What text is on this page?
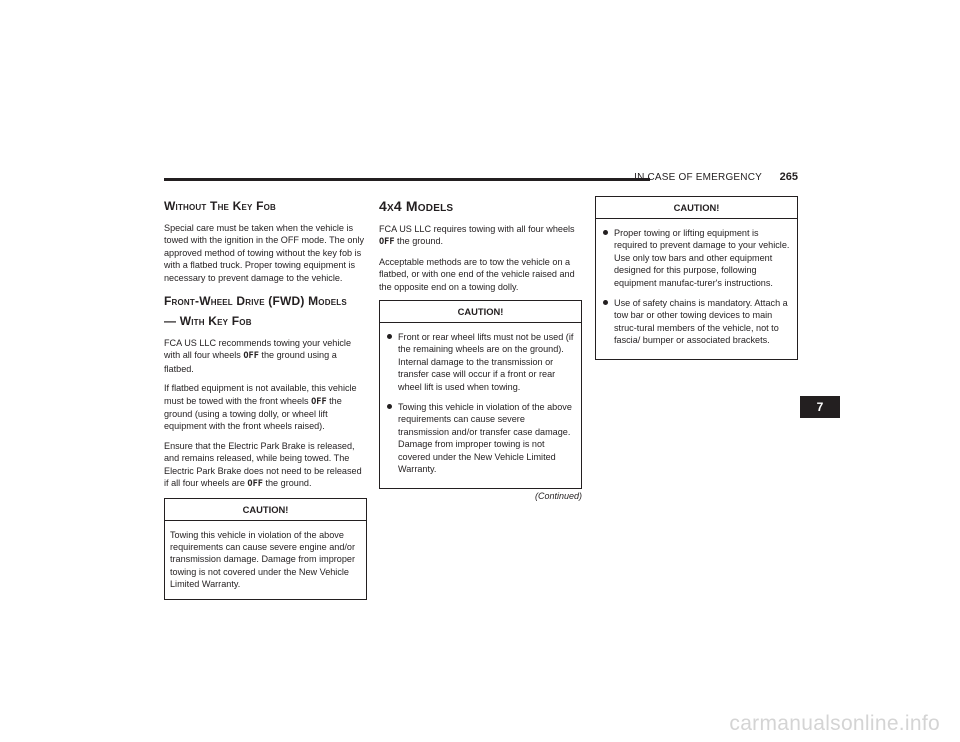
IN CASE OF EMERGENCY 265
Without The Key Fob

Special care must be taken when the vehicle is towed with the ignition in the OFF mode. The only approved method of towing without the key fob is with a flatbed truck. Proper towing equipment is necessary to prevent damage to the vehicle.

Front-Wheel Drive (FWD) Models
— With Key Fob

FCA US LLC recommends towing your vehicle with all four wheels OFF the ground using a flatbed.

If flatbed equipment is not available, this vehicle must be towed with the front wheels OFF the ground (using a towing dolly, or wheel lift equipment with the front wheels raised).

Ensure that the Electric Park Brake is released, and remains released, while being towed. The Electric Park Brake does not need to be released if all four wheels are OFF the ground.

CAUTION!

Towing this vehicle in violation of the above requirements can cause severe engine and/or transmission damage. Damage from improper towing is not covered under the New Vehicle Limited Warranty.

4x4 Models

FCA US LLC requires towing with all four wheels OFF the ground.

Acceptable methods are to tow the vehicle on a flatbed, or with one end of the vehicle raised and the opposite end on a towing dolly.

CAUTION!
Front or rear wheel lifts must not be used (if the remaining wheels are on the ground). Internal damage to the transmission or transfer case will occur if a front or rear wheel lift is used when towing.
Towing this vehicle in violation of the above requirements can cause severe transmission and/or transfer case damage. Damage from improper towing is not covered under the New Vehicle Limited Warranty.
(Continued)
CAUTION!
Proper towing or lifting equipment is required to prevent damage to your vehicle. Use only tow bars and other equipment designed for this purpose, following equipment manufac-turer's instructions.
Use of safety chains is mandatory. Attach a tow bar or other towing devices to main struc-tural members of the vehicle, not to fascia/ bumper or associated brackets.
7
carmanualsonline.info
